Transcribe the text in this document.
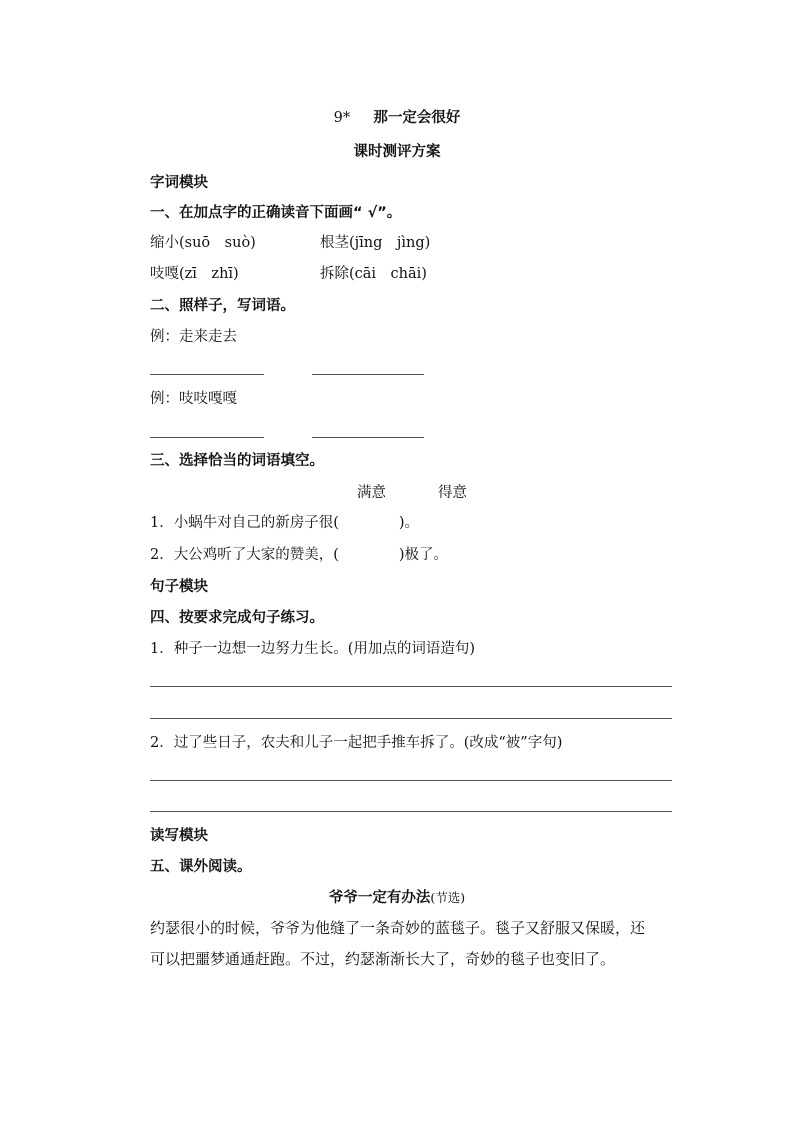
9* 那一定会很好
课时测评方案
字词模块
一、在加点字的正确读音下面画“ √”。
缩小(suō　suò)	根茎(jīng　jìng)
吱嘎(zī　zhī)	拆除(cāi　chāi)
二、照样子，写词语。
例：走来走去
例：吱吱嘎嘎
三、选择恰当的词语填空。
满意	得意
1．小蜗牛对自己的新房子很(	)。
2．大公鸡听了大家的赞美，(	)极了。
句子模块
四、按要求完成句子练习。
1．种子一边想一边努力生长。(用加点的词语造句)
2．过了些日子，农夫和儿子一起把手推车拆了。(改成“被”字句)
读写模块
五、课外阅读。
爷爷一定有办法(节选)
约瑟很小的时候，爷爷为他缝了一条奇妙的蓝毯子。毯子又舒服又保暖，还
可以把噩梦通通赶跑。不过，约瑟渐渐长大了，奇妙的毯子也变旧了。
